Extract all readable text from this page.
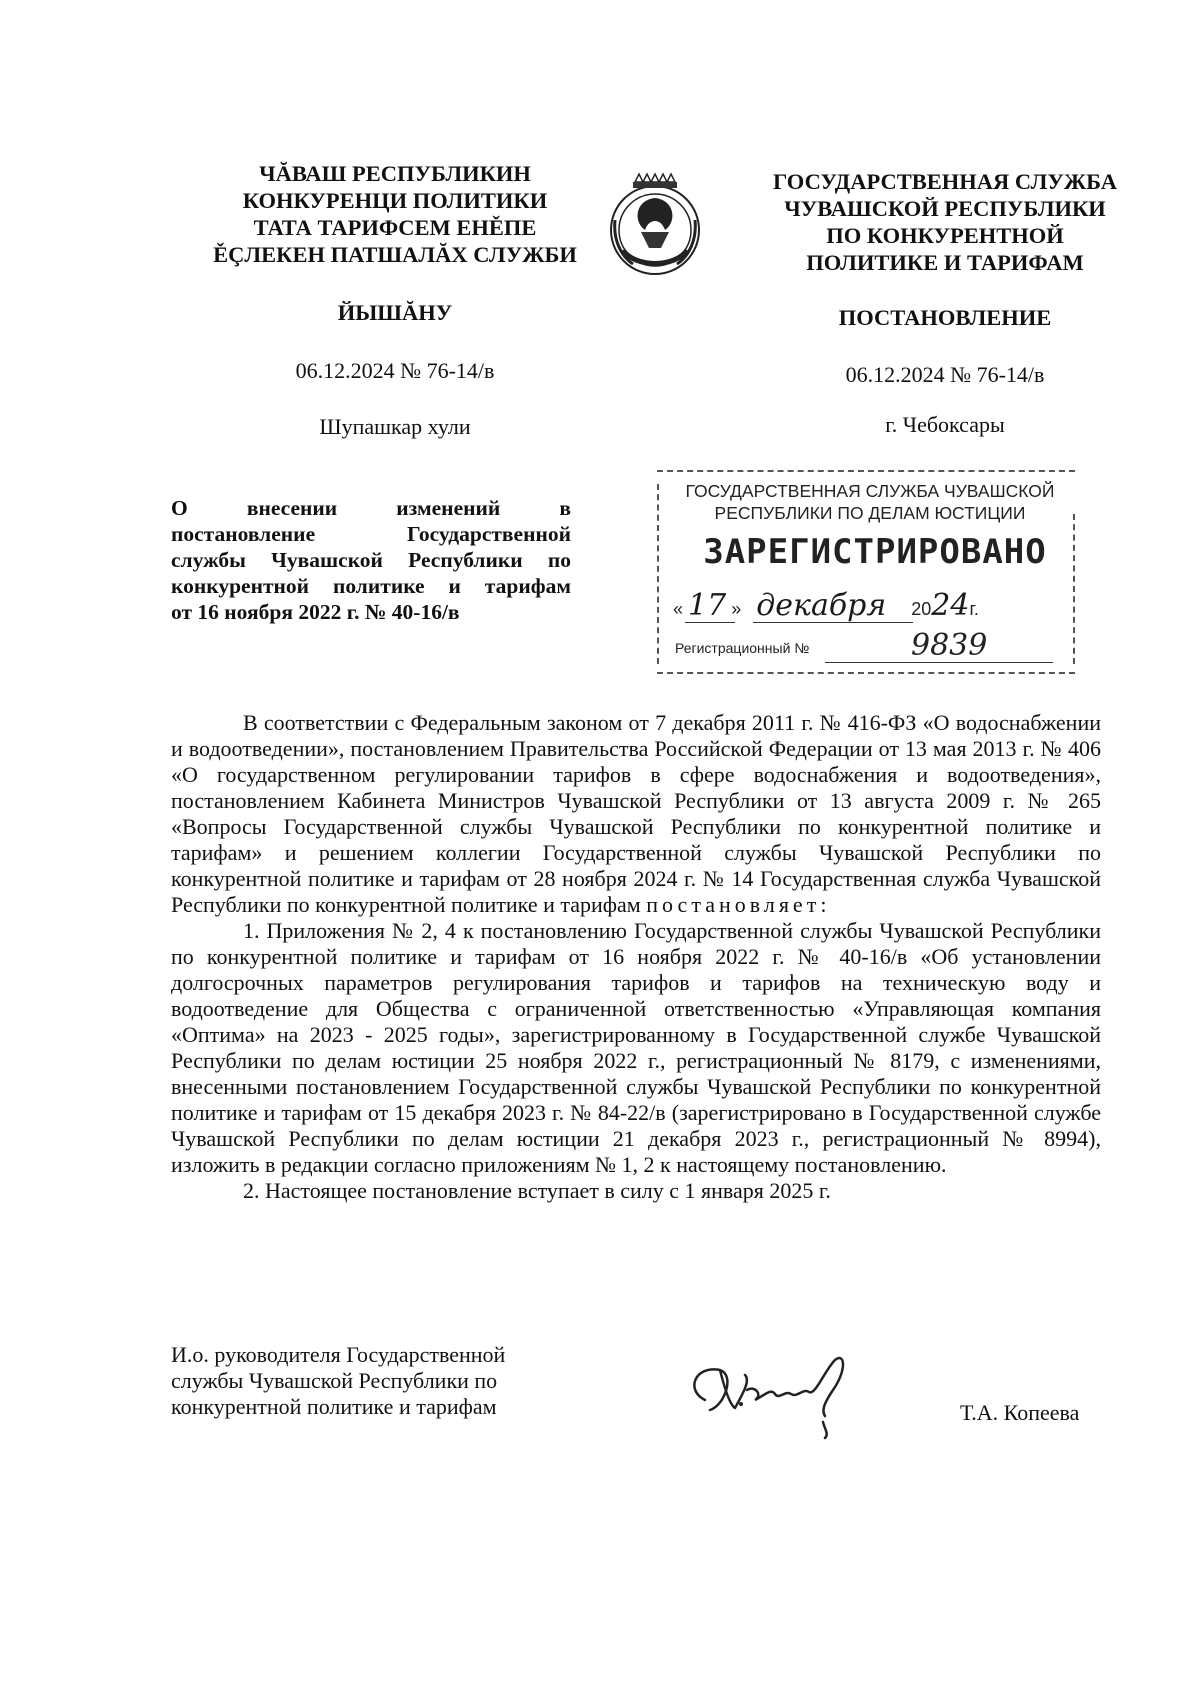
ЧĂВАШ РЕСПУБЛИКИН
КОНКУРЕНЦИ ПОЛИТИКИ
ТАТА ТАРИФСЕМ ЕНĚПЕ
ĚÇЛЕКЕН ПАТШАЛĂХ СЛУЖБИ
ГОСУДАРСТВЕННАЯ СЛУЖБА
ЧУВАШСКОЙ РЕСПУБЛИКИ
ПО КОНКУРЕНТНОЙ
ПОЛИТИКЕ И ТАРИФАМ
ЙЫШĂНУ	ПОСТАНОВЛЕНИЕ
06.12.2024 № 76-14/в	06.12.2024 № 76-14/в
Шупашкар хули	г. Чебоксары
О внесении изменений в
постановление Государственной
службы Чувашской Республики по
конкурентной политике и тарифам
от 16 ноября 2022 г. № 40-16/в
ГОСУДАРСТВЕННАЯ СЛУЖБА ЧУВАШСКОЙ
РЕСПУБЛИКИ ПО ДЕЛАМ ЮСТИЦИИ
ЗАРЕГИСТРИРОВАНО
« 17 » декабря 2024г.
Регистрационный №	9839

В соответствии с Федеральным законом от 7 декабря 2011 г. № 416-ФЗ «О водоснабжении и водоотведении», постановлением Правительства Российской Федерации от 13 мая 2013 г. № 406 «О государственном регулировании тарифов в сфере водоснабжения и водоотведения», постановлением Кабинета Министров Чувашской Республики от 13 августа 2009 г. № 265 «Вопросы Государственной службы Чувашской Республики по конкурентной политике и тарифам» и решением коллегии Государственной службы Чувашской Республики по конкурентной политике и тарифам от 28 ноября 2024 г. № 14 Государственная служба Чувашской Республики по конкурентной политике и тарифам постановляет:

1. Приложения № 2, 4 к постановлению Государственной службы Чувашской Республики по конкурентной политике и тарифам от 16 ноября 2022 г. № 40-16/в «Об установлении долгосрочных параметров регулирования тарифов и тарифов на техническую воду и водоотведение для Общества с ограниченной ответственностью «Управляющая компания «Оптима» на 2023 - 2025 годы», зарегистрированному в Государственной службе Чувашской Республики по делам юстиции 25 ноября 2022 г., регистрационный № 8179, с изменениями, внесенными постановлением Государственной службы Чувашской Республики по конкурентной политике и тарифам от 15 декабря 2023 г. № 84-22/в (зарегистрировано в Государственной службе Чувашской Республики по делам юстиции 21 декабря 2023 г., регистрационный № 8994), изложить в редакции согласно приложениям № 1, 2 к настоящему постановлению.

2. Настоящее постановление вступает в силу с 1 января 2025 г.

И.о. руководителя Государственной
службы Чувашской Республики по
конкурентной политике и тарифам	Т.А. Копеева
